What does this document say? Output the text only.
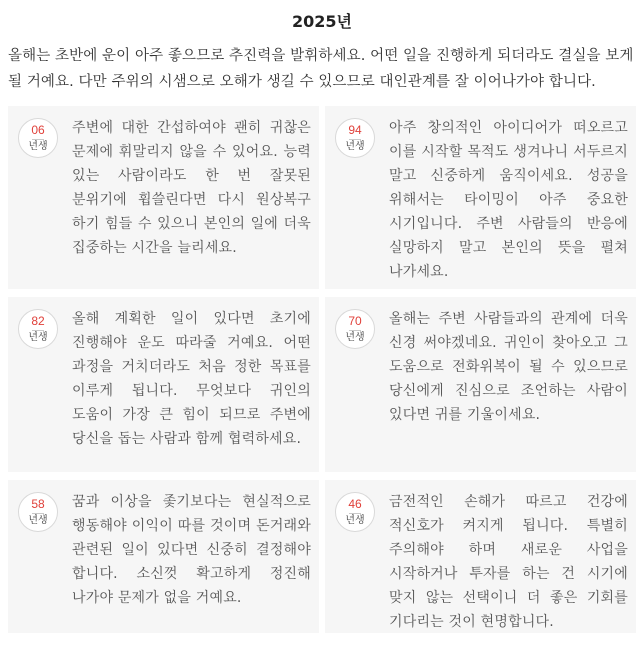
2025년
올해는 초반에 운이 아주 좋으므로 추진력을 발휘하세요. 어떤 일을 진행하게 되더라도 결실을 보게 될 거예요. 다만 주위의 시샘으로 오해가 생길 수 있으므로 대인관계를 잘 이어나가야 합니다.
06
년생
주변에 대한 간섭하여야 괜히 귀찮은 문제에 휘말리지 않을 수 있어요. 능력 있는 사람이라도 한 번 잘못된 분위기에 휩쓸린다면 다시 원상복구 하기 힘들 수 있으니 본인의 일에 더욱 집중하는 시간을 늘리세요.
94
년생
아주 창의적인 아이디어가 떠오르고 이를 시작할 목적도 생겨나니 서두르지 말고 신중하게 움직이세요. 성공을 위해서는 타이밍이 아주 중요한 시기입니다. 주변 사람들의 반응에 실망하지 말고 본인의 뜻을 펼쳐 나가세요.
82
년생
올해 계획한 일이 있다면 초기에 진행해야 운도 따라줄 거예요. 어떤 과정을 거치더라도 처음 정한 목표를 이루게 됩니다. 무엇보다 귀인의 도움이 가장 큰 힘이 되므로 주변에 당신을 돕는 사람과 함께 협력하세요.
70
년생
올해는 주변 사람들과의 관계에 더욱 신경 써야겠네요. 귀인이 찾아오고 그 도움으로 전화위복이 될 수 있으므로 당신에게 진심으로 조언하는 사람이 있다면 귀를 기울이세요.
58
년생
꿈과 이상을 좇기보다는 현실적으로 행동해야 이익이 따를 것이며 돈거래와 관련된 일이 있다면 신중히 결정해야 합니다. 소신껏 확고하게 정진해 나가야 문제가 없을 거예요.
46
년생
금전적인 손해가 따르고 건강에 적신호가 켜지게 됩니다. 특별히 주의해야 하며 새로운 사업을 시작하거나 투자를 하는 건 시기에 맞지 않는 선택이니 더 좋은 기회를 기다리는 것이 현명합니다.
